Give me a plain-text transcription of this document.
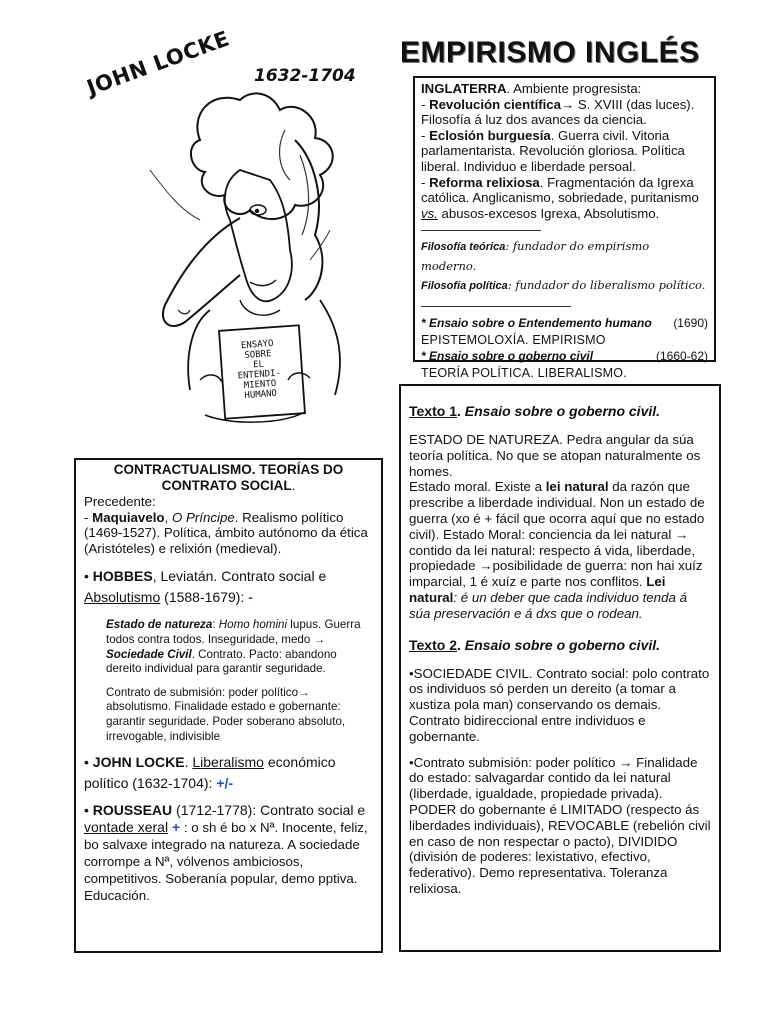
EMPIRISMO INGLÉS
JOHN LOCKE 1632-1704
ENSAYO
SOBRE
EL
ENTENDI-
MIENTO
HUMANO

INGLATERRA. Ambiente progresista:

- Revolución científica→ S. XVIII (das luces). Filosofía á luz dos avances da ciencia.

- Eclosión burguesía. Guerra civil. Vitoria parlamentarista. Revolución gloriosa. Política liberal. Individuo e liberdade persoal.

- Reforma relixiosa. Fragmentación da Igrexa católica. Anglicanismo, sobriedade, puritanismo vs. abusos-excesos Igrexa, Absolutismo.

Filosofía teórica: fundador do empirismo moderno.

Filosofía política: fundador do liberalismo político.

* Ensaio sobre o Entendemento humano (1690)

EPISTEMOLOXÍA. EMPIRISMO

* Ensaio sobre o goberno civil	(1660-62)

TEORÍA POLÍTICA. LIBERALISMO.

CONTRACTUALISMO. TEORÍAS DO CONTRATO SOCIAL.

Precedente:

- Maquiavelo, O Príncipe. Realismo político (1469-1527). Política, ámbito autónomo da ética (Aristóteles) e relixión (medieval).

• HOBBES, Leviatán. Contrato social e Absolutismo (1588-1679): -

Estado de natureza: Homo homini lupus. Guerra todos contra todos. Inseguridade, medo → Sociedade Civil. Contrato. Pacto: abandono dereito individual para garantir seguridade.

Contrato de submisión: poder político→ absolutismo. Finalidade estado e gobernante: garantir seguridade. Poder soberano absoluto, irrevogable, indivisible

• JOHN LOCKE. Liberalismo económico político (1632-1704): +/-

• ROUSSEAU (1712-1778): Contrato social e vontade xeral + : o sh é bo x Nª. Inocente, feliz, bo salvaxe integrado na natureza. A sociedade corrompe a Nª, vólvenos ambiciosos, competitivos. Soberanía popular, demo pptiva. Educación.

Texto 1. Ensaio sobre o goberno civil.

ESTADO DE NATUREZA. Pedra angular da súa teoría política. No que se atopan naturalmente os homes.

Estado moral. Existe a lei natural da razón que prescribe a liberdade individual. Non un estado de guerra (xo é + fácil que ocorra aquí que no estado civil). Estado Moral: conciencia da lei natural → contido da lei natural: respecto á vida, liberdade, propiedade →posibilidade de guerra: non hai xuíz imparcial, 1 é xuíz e parte nos conflitos. Lei natural: é un deber que cada individuo tenda á súa preservación e á dxs que o rodean.

Texto 2. Ensaio sobre o goberno civil.

•SOCIEDADE CIVIL. Contrato social: polo contrato os individuos só perden un dereito (a tomar a xustiza pola man) conservando os demais. Contrato bidireccional entre individuos e gobernante.

•Contrato submisión: poder político → Finalidade do estado: salvagardar contido da lei natural (liberdade, igualdade, propiedade privada). PODER do gobernante é LIMITADO (respecto ás liberdades individuais), REVOCABLE (rebelión civil en caso de non respectar o pacto), DIVIDIDO (división de poderes: lexistativo, efectivo, federativo). Demo representativa. Toleranza relixiosa.
